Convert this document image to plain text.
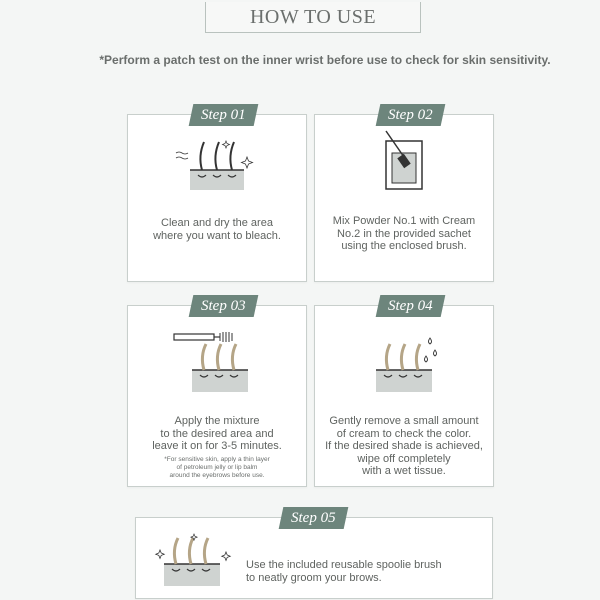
HOW TO USE
*Perform a patch test on the inner wrist before use to check for skin sensitivity.
Step 01
Clean and dry the area
where you want to bleach.
Step 02
Mix Powder No.1 with Cream
No.2 in the provided sachet
using the enclosed brush.
Step 03
Apply the mixture
to the desired area and
leave it on for 3-5 minutes.
*For sensitive skin, apply a thin layer
of petroleum jelly or lip balm
around the eyebrows before use.
Step 04
Gently remove a small amount
of cream to check the color.
If the desired shade is achieved,
wipe off completely
with a wet tissue.
Step 05
Use the included reusable spoolie brush
to neatly groom your brows.
